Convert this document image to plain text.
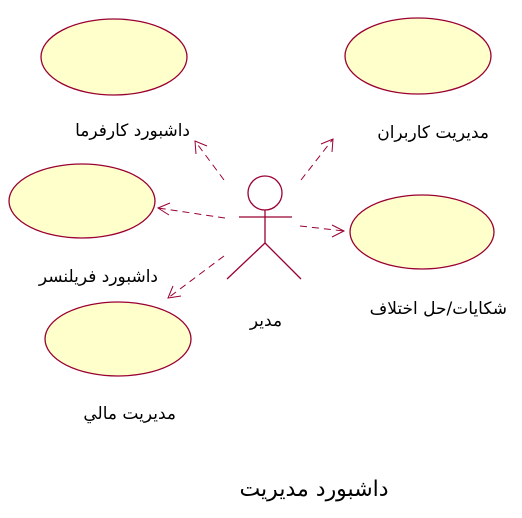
داشبورد كارفرما	مديريت كاربران
داشبورد فريلنسر
شكايات/حل اختلاف
مديريت مالي
مدير
داشبورد مديريت
